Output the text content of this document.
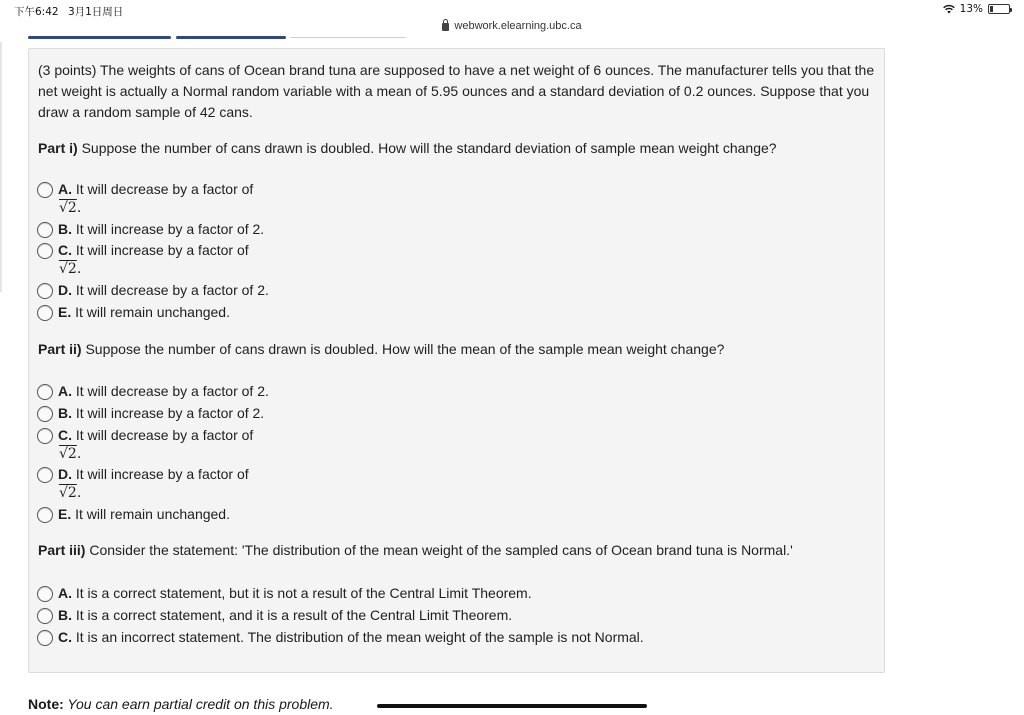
下午6:42 3月1日周日	13%
webwork.elearning.ubc.ca
(3 points) The weights of cans of Ocean brand tuna are supposed to have a net weight of 6 ounces. The manufacturer tells you that the net weight is actually a Normal random variable with a mean of 5.95 ounces and a standard deviation of 0.2 ounces. Suppose that you draw a random sample of 42 cans.
Part i) Suppose the number of cans drawn is doubled. How will the standard deviation of sample mean weight change?
A. It will decrease by a factor of
√2.
B. It will increase by a factor of 2.
C. It will increase by a factor of
√2.
D. It will decrease by a factor of 2.
E. It will remain unchanged.
Part ii) Suppose the number of cans drawn is doubled. How will the mean of the sample mean weight change?
A. It will decrease by a factor of 2.
B. It will increase by a factor of 2.
C. It will decrease by a factor of
√2.
D. It will increase by a factor of
√2.
E. It will remain unchanged.
Part iii) Consider the statement: 'The distribution of the mean weight of the sampled cans of Ocean brand tuna is Normal.'
A. It is a correct statement, but it is not a result of the Central Limit Theorem.
B. It is a correct statement, and it is a result of the Central Limit Theorem.
C. It is an incorrect statement. The distribution of the mean weight of the sample is not Normal.
Note: You can earn partial credit on this problem.
